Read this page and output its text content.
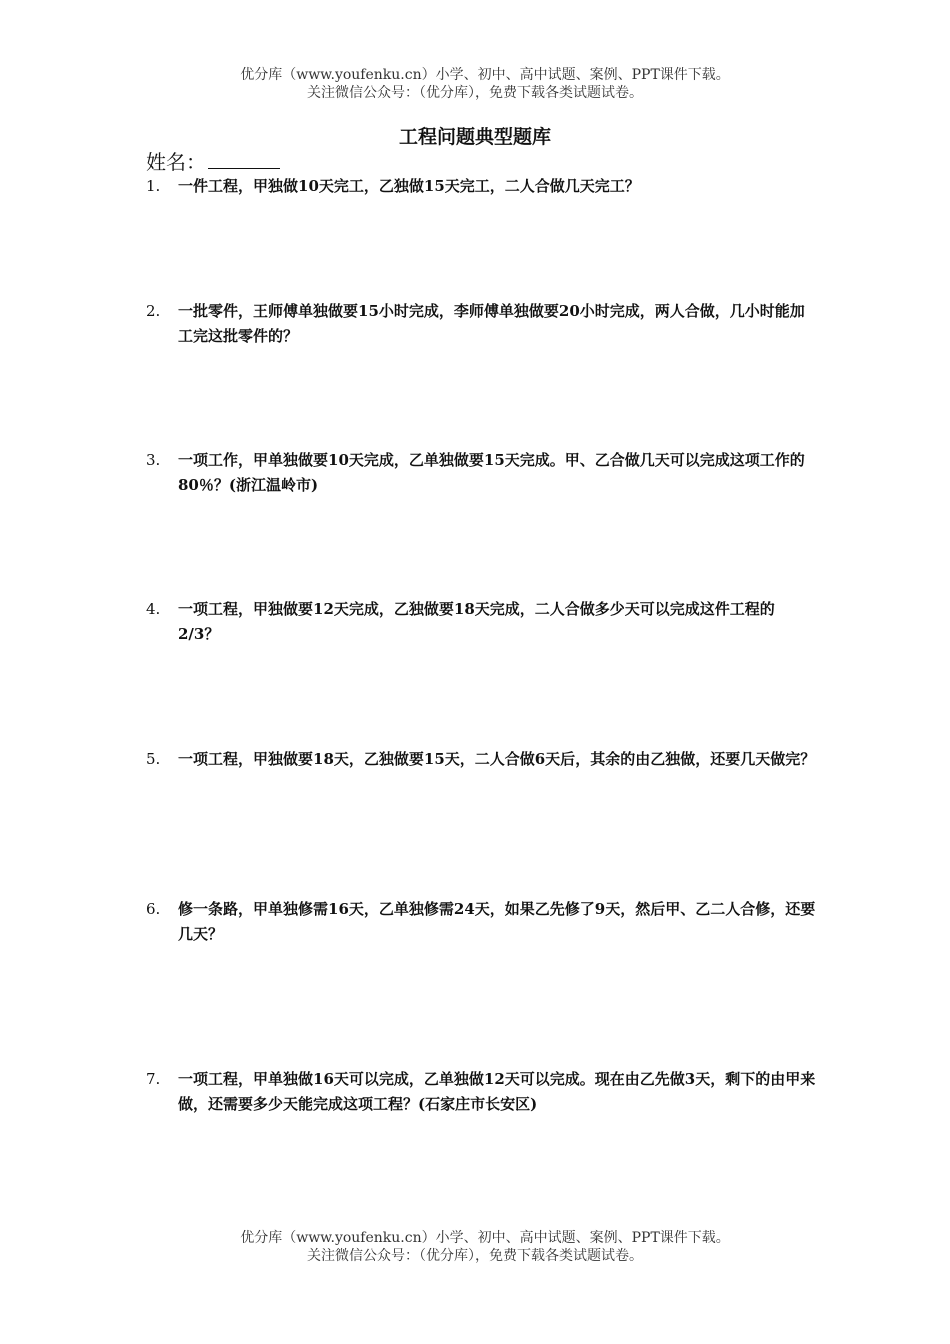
优分库（www.youfenku.cn）小学、初中、高中试题、案例、PPT课件下载。
关注微信公众号：（优分库），免费下载各类试题试卷。
工程问题典型题库
姓名：
1.	一件工程，甲独做10天完工，乙独做15天完工，二人合做几天完工？
2.	一批零件，王师傅单独做要15小时完成，李师傅单独做要20小时完成，两人合做，几小时能加工完这批零件的？
3.	一项工作，甲单独做要10天完成，乙单独做要15天完成。甲、乙合做几天可以完成这项工作的80％？(浙江温岭市)
4.	一项工程，甲独做要12天完成，乙独做要18天完成，二人合做多少天可以完成这件工程的2/3？
5.	一项工程，甲独做要18天，乙独做要15天，二人合做6天后，其余的由乙独做，还要几天做完？
6.	修一条路，甲单独修需16天，乙单独修需24天，如果乙先修了9天，然后甲、乙二人合修，还要几天？
7.	一项工程，甲单独做16天可以完成，乙单独做12天可以完成。现在由乙先做3天，剩下的由甲来做，还需要多少天能完成这项工程？(石家庄市长安区)
优分库（www.youfenku.cn）小学、初中、高中试题、案例、PPT课件下载。
关注微信公众号：（优分库），免费下载各类试题试卷。
